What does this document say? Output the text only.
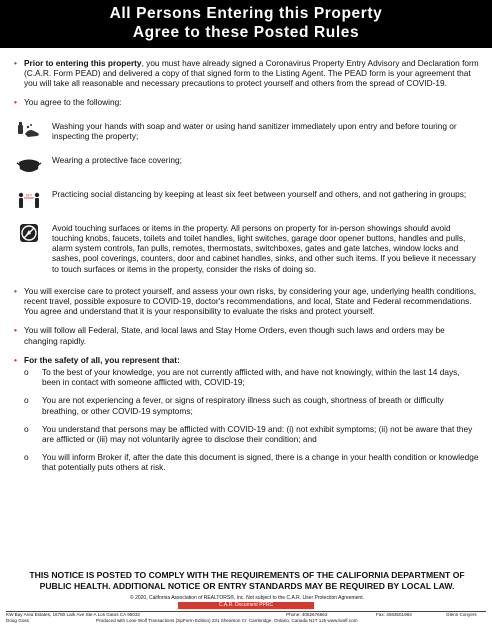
All Persons Entering this Property
Agree to these Posted Rules
• Prior to entering this property, you must have already signed a Coronavirus Property Entry Advisory and Declaration form (C.A.R. Form PEAD) and delivered a copy of that signed form to the Listing Agent. The PEAD form is your agreement that you will take all reasonable and necessary precautions to protect yourself and others from the spread of COVID-19.
• You agree to the following:
Washing your hands with soap and water or using hand sanitizer immediately upon entry and before touring or inspecting the property;
Wearing a protective face covering;
6FT Practicing social distancing by keeping at least six feet between yourself and others, and not gathering in groups;
Avoid touching surfaces or items in the property. All persons on property for in-person showings should avoid touching knobs, faucets, toilets and toilet handles, light switches, garage door opener buttons, handles and pulls, alarm system controls, fan pulls, remotes, thermostats, switchboxes, gates and gate latches, window locks and sashes, pool coverings, counters, door and cabinet handles, sinks, and other such items. If you believe it necessary to touch surfaces or items in the property, consider the risks of doing so.
• You will exercise care to protect yourself, and assess your own risks, by considering your age, underlying health conditions, recent travel, possible exposure to COVID-19, doctor's recommendations, and local, State and Federal recommendations. You agree and understand that it is your responsibility to evaluate the risks and protect yourself.
• You will follow all Federal, State, and local laws and Stay Home Orders, even though such laws and orders may be changing rapidly.
• For the safety of all, you represent that:
o To the best of your knowledge, you are not currently afflicted with, and have not knowingly, within the last 14 days, been in contact with someone afflicted with, COVID-19;
o You are not experiencing a fever, or signs of respiratory illness such as cough, shortness of breath or difficulty breathing, or other COVID-19 symptoms;
o You understand that persons may be afflicted with COVID-19 and: (i) not exhibit symptoms; (ii) not be aware that they are afflicted or (iii) may not voluntarily agree to disclose their condition; and
o You will inform Broker if, after the date this document is signed, there is a change in your health condition or knowledge that potentially puts others at risk.
THIS NOTICE IS POSTED TO COMPLY WITH THE REQUIREMENTS OF THE CALIFORNIA DEPARTMENT OF PUBLIC HEALTH. ADDITIONAL NOTICE OR ENTRY STANDARDS MAY BE REQUIRED BY LOCAL LAW.
© 2020, California Association of REALTORS®, Inc. Not subject to the C.A.R. User Protection Agreement.
C.A.R. Document PPRC
KW Bay Area Estates, 16780 Lark Ave Ste A Los Gatos CA 95032	Phone: 4082676663	Fax: 4083501984	Glenn Conyers
Doug Goss	Produced with Lone Wolf Transactions (zipForm Edition) 231 Shearson Cr. Cambridge, Ontario, Canada N1T 1J5 www.lwolf.com
